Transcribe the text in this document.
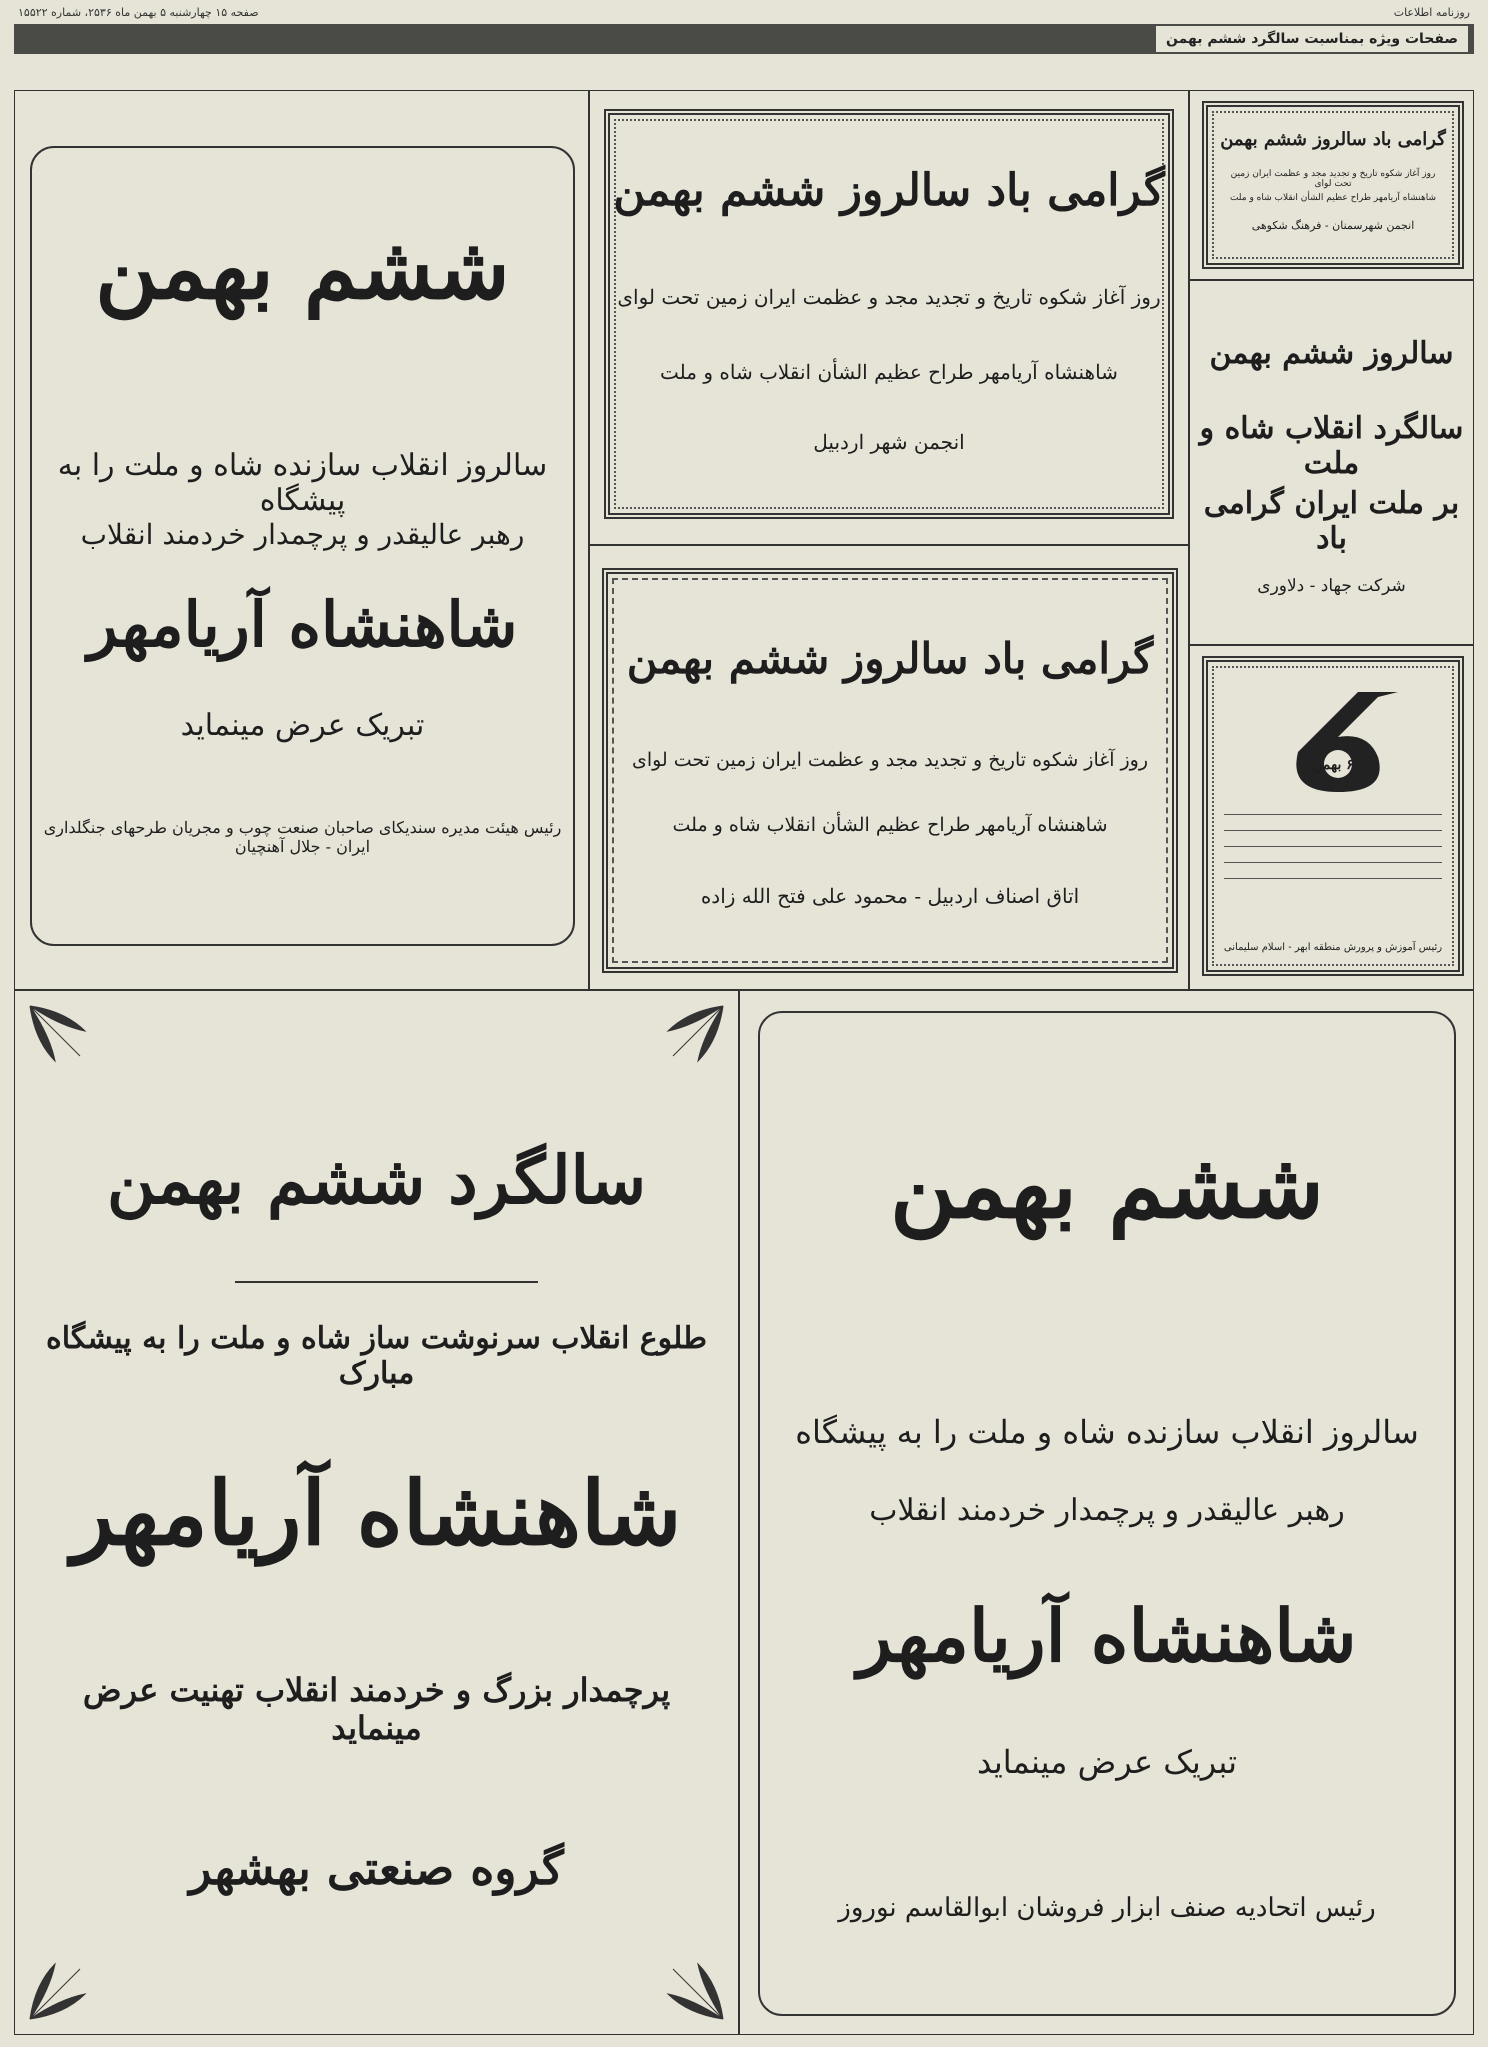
روزنامه اطلاعات
صفحه ۱۵ چهارشنبه ۵ بهمن ماه ۲۵۳۶، شماره ۱۵۵۲۲
صفحات ویژه بمناسبت سالگرد ششم بهمن
ششم بهمن
سالروز انقلاب سازنده شاه و ملت را به پیشگاه
رهبر عالیقدر و پرچمدار خردمند انقلاب
شاهنشاه آریامهر
تبریک عرض مینماید
رئیس هیئت مدیره سندیکای صاحبان صنعت چوب و مجریان طرحهای جنگلداری ایران - جلال آهنچیان
گرامی باد سالروز ششم بهمن
روز آغاز شکوه تاریخ و تجدید مجد و عظمت ایران زمین تحت لوای
شاهنشاه آریامهر طراح عظیم الشأن انقلاب شاه و ملت
انجمن شهر اردبیل
گرامی باد سالروز ششم بهمن
روز آغاز شکوه تاریخ و تجدید مجد و عظمت ایران زمین تحت لوای
شاهنشاه آریامهر طراح عظیم الشأن انقلاب شاه و ملت
انجمن شهرسمنان - فرهنگ شکوهی
سالروز ششم بهمن
سالگرد انقلاب شاه و ملت
بر ملت ایران گرامی باد
شرکت جهاد - دلاوری
گرامی باد سالروز ششم بهمن
روز آغاز شکوه تاریخ و تجدید مجد و عظمت ایران زمین تحت لوای
شاهنشاه آریامهر طراح عظیم الشأن انقلاب شاه و ملت
اتاق اصناف اردبیل - محمود علی فتح الله زاده
۶ بهمن
رئیس آموزش و پرورش منطقه ابهر - اسلام سلیمانی
سالگرد ششم بهمن
طلوع انقلاب سرنوشت ساز شاه و ملت را به پیشگاه مبارک
شاهنشاه آریامهر
پرچمدار بزرگ و خردمند انقلاب تهنیت عرض مینماید
گروه صنعتی بهشهر
ششم بهمن
سالروز انقلاب سازنده شاه و ملت را به پیشگاه
رهبر عالیقدر و پرچمدار خردمند انقلاب
شاهنشاه آریامهر
تبریک عرض مینماید
رئیس اتحادیه صنف ابزار فروشان ابوالقاسم نوروز
